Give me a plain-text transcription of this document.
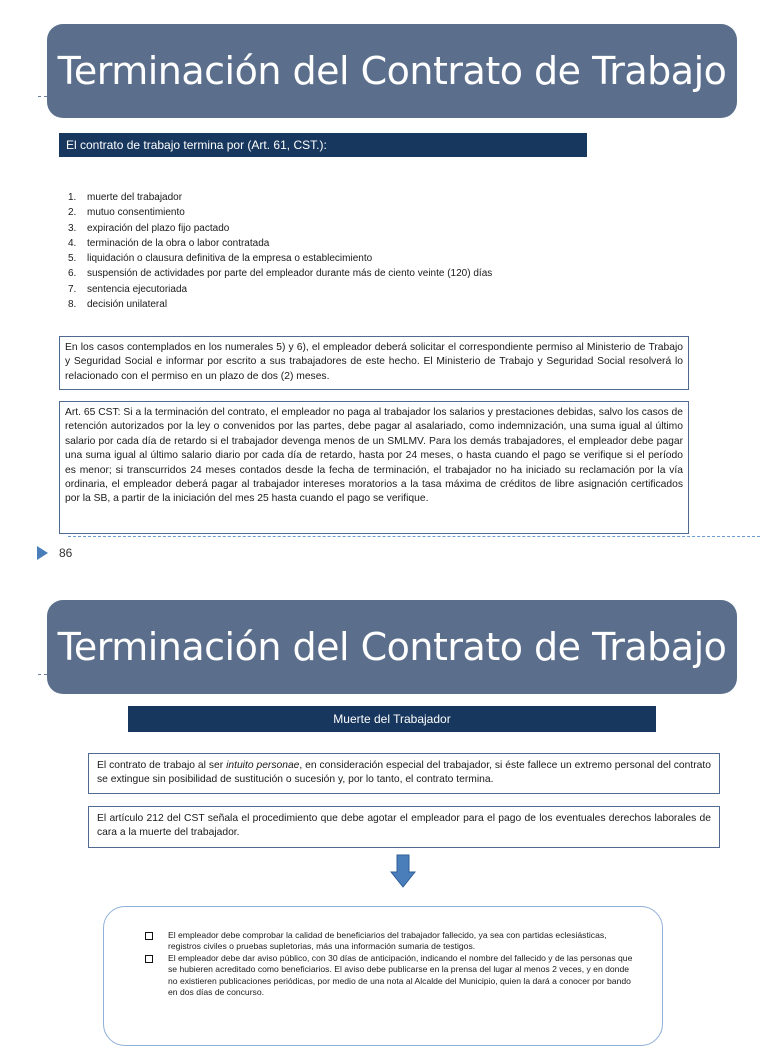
Terminación del Contrato de Trabajo
El contrato de trabajo termina por (Art. 61, CST.):
1.	muerte del trabajador
2.	mutuo consentimiento
3.	expiración del plazo fijo pactado
4.	terminación de la obra o labor contratada
5.	liquidación o clausura definitiva de la empresa o establecimiento
6.	suspensión de actividades por parte del empleador durante más de ciento veinte (120) días
7.	sentencia ejecutoriada
8.	decisión unilateral
En los casos contemplados en los numerales 5) y 6), el empleador deberá solicitar el correspondiente permiso al Ministerio de Trabajo y Seguridad Social e informar por escrito a sus trabajadores de este hecho. El Ministerio de Trabajo y Seguridad Social resolverá lo relacionado con el permiso en un plazo de dos (2) meses.
Art. 65 CST: Si a la terminación del contrato, el empleador no paga al trabajador los salarios y prestaciones debidas, salvo los casos de retención autorizados por la ley o convenidos por las partes, debe pagar al asalariado, como indemnización, una suma igual al último salario por cada día de retardo si el trabajador devenga menos de un SMLMV. Para los demás trabajadores, el empleador debe pagar una suma igual al último salario diario por cada día de retardo, hasta por 24 meses, o hasta cuando el pago se verifique si el período es menor; si transcurridos 24 meses contados desde la fecha de terminación, el trabajador no ha iniciado su reclamación por la vía ordinaria, el empleador deberá pagar al trabajador intereses moratorios a la tasa máxima de créditos de libre asignación certificados por la SB, a partir de la iniciación del mes 25 hasta cuando el pago se verifique.
86
Terminación del Contrato de Trabajo
Muerte del Trabajador
El contrato de trabajo al ser intuito personae, en consideración especial del trabajador, si éste fallece un extremo personal del contrato se extingue sin posibilidad de sustitución o sucesión y, por lo tanto, el contrato termina.
El artículo 212 del CST señala el procedimiento que debe agotar el empleador para el pago de los eventuales derechos laborales de cara a la muerte del trabajador.
El empleador debe comprobar la calidad de beneficiarios del trabajador fallecido, ya sea con partidas eclesiásticas, registros civiles o pruebas supletorias, más una información sumaria de testigos.
El empleador debe dar aviso público, con 30 días de anticipación, indicando el nombre del fallecido y de las personas que se hubieren acreditado como beneficiarios. El aviso debe publicarse en la prensa del lugar al menos 2 veces, y en donde no existieren publicaciones periódicas, por medio de una nota al Alcalde del Municipio, quien la dará a conocer por bando en dos días de concurso.
